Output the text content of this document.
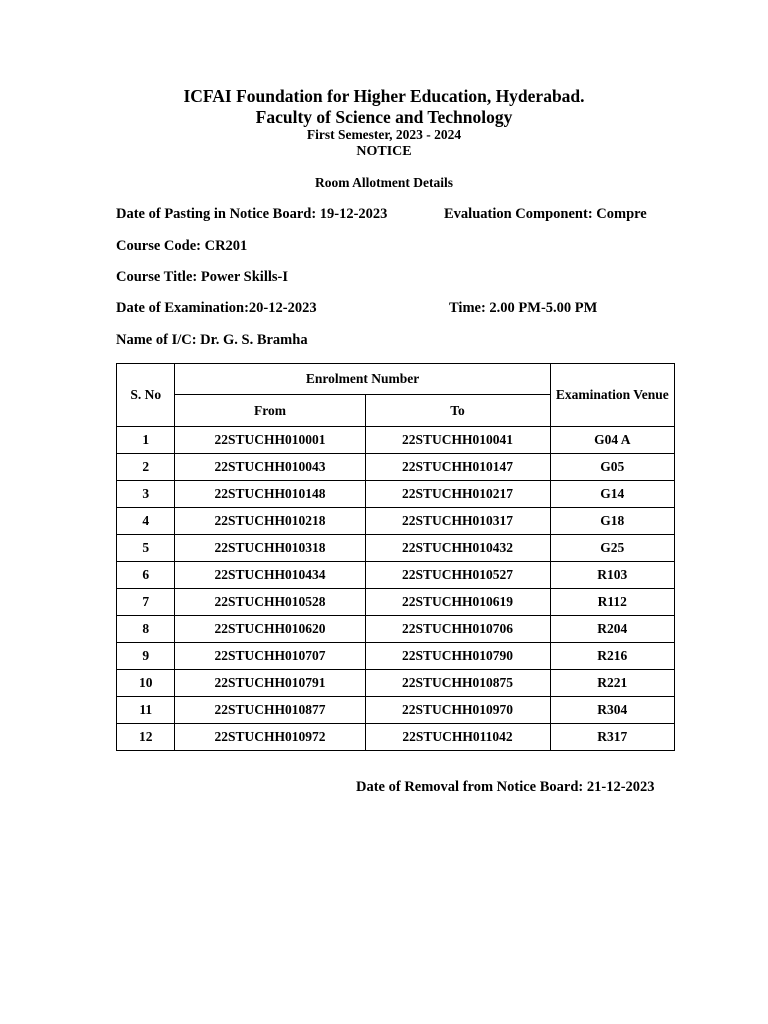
ICFAI Foundation for Higher Education, Hyderabad.
Faculty of Science and Technology
First Semester, 2023 - 2024
NOTICE
Room Allotment Details
Date of Pasting in Notice Board: 19-12-2023	Evaluation Component: Compre
Course Code: CR201
Course Title: Power Skills-I
Date of Examination:20-12-2023	Time: 2.00 PM-5.00 PM
Name of I/C: Dr. G. S. Bramha
S. No	Enrolment Number		Examination Venue
	From	To	
1	22STUCHH010001	22STUCHH010041	G04 A
2	22STUCHH010043	22STUCHH010147	G05
3	22STUCHH010148	22STUCHH010217	G14
4	22STUCHH010218	22STUCHH010317	G18
5	22STUCHH010318	22STUCHH010432	G25
6	22STUCHH010434	22STUCHH010527	R103
7	22STUCHH010528	22STUCHH010619	R112
8	22STUCHH010620	22STUCHH010706	R204
9	22STUCHH010707	22STUCHH010790	R216
10	22STUCHH010791	22STUCHH010875	R221
11	22STUCHH010877	22STUCHH010970	R304
12	22STUCHH010972	22STUCHH011042	R317
Date of Removal from Notice Board: 21-12-2023
